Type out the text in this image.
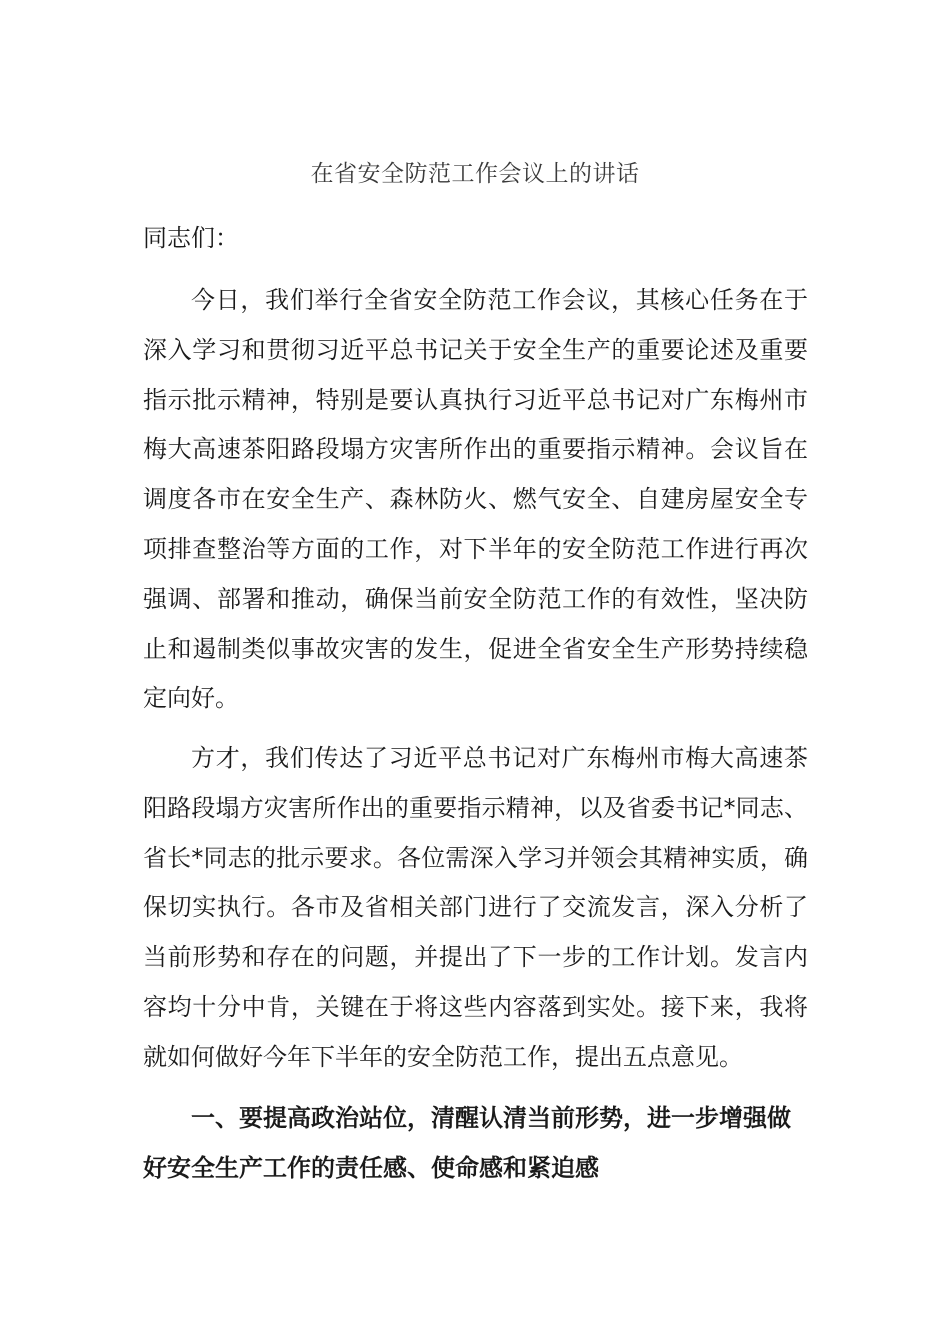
在省安全防范工作会议上的讲话
同志们：

今日，我们举行全省安全防范工作会议，其核心任务在于深入学习和贯彻习近平总书记关于安全生产的重要论述及重要指示批示精神，特别是要认真执行习近平总书记对广东梅州市梅大高速茶阳路段塌方灾害所作出的重要指示精神。会议旨在调度各市在安全生产、森林防火、燃气安全、自建房屋安全专项排查整治等方面的工作，对下半年的安全防范工作进行再次强调、部署和推动，确保当前安全防范工作的有效性，坚决防止和遏制类似事故灾害的发生，促进全省安全生产形势持续稳定向好。

方才，我们传达了习近平总书记对广东梅州市梅大高速茶阳路段塌方灾害所作出的重要指示精神，以及省委书记*同志、省长*同志的批示要求。各位需深入学习并领会其精神实质，确保切实执行。各市及省相关部门进行了交流发言，深入分析了当前形势和存在的问题，并提出了下一步的工作计划。发言内容均十分中肯，关键在于将这些内容落到实处。接下来，我将就如何做好今年下半年的安全防范工作，提出五点意见。

一、要提高政治站位，清醒认清当前形势，进一步增强做好安全生产工作的责任感、使命感和紧迫感
